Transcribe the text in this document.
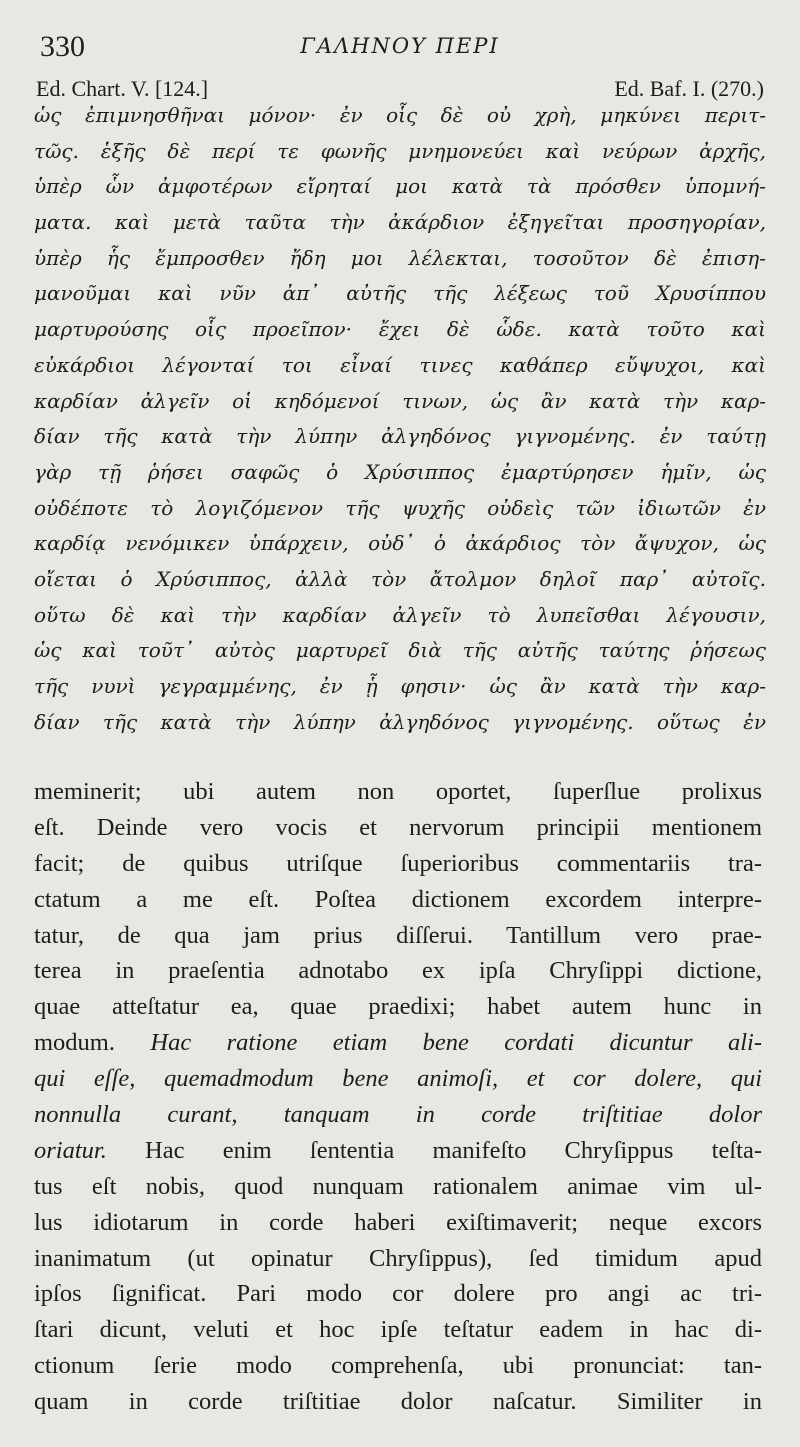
330	ΓΑΛΗΝΟΥ ΠΕΡΙ
Ed. Chart. V. [124.]	Ed. Baf. I. (270.)
ὡς ἐπιμνησθῆναι μόνον· ἐν οἷς δὲ οὐ χρὴ, μηκύνει περιτ-
τῶς. ἑξῆς δὲ περί τε φωνῆς μνημονεύει καὶ νεύρων ἀρχῆς,
ὑπὲρ ὧν ἀμφοτέρων εἴρηταί μοι κατὰ τὰ πρόσθεν ὑπομνή-
ματα. καὶ μετὰ ταῦτα τὴν ἀκάρδιον ἐξηγεῖται προσηγορίαν,
ὑπὲρ ἧς ἔμπροσθεν ἤδη μοι λέλεκται, τοσοῦτον δὲ ἐπιση-
μανοῦμαι καὶ νῦν ἀπ᾽ αὐτῆς τῆς λέξεως τοῦ Χρυσίππου
μαρτυρούσης οἷς προεῖπον· ἔχει δὲ ὧδε. κατὰ τοῦτο καὶ
εὐκάρδιοι λέγονταί τοι εἶναί τινες καθάπερ εὔψυχοι, καὶ
καρδίαν ἀλγεῖν οἱ κηδόμενοί τινων, ὡς ἂν κατὰ τὴν καρ-
δίαν τῆς κατὰ τὴν λύπην ἀλγηδόνος γιγνομένης. ἐν ταύτῃ
γὰρ τῇ ῥήσει σαφῶς ὁ Χρύσιππος ἐμαρτύρησεν ἡμῖν, ὡς
οὐδέποτε τὸ λογιζόμενον τῆς ψυχῆς οὐδεὶς τῶν ἰδιωτῶν ἐν
καρδίᾳ νενόμικεν ὑπάρχειν, οὐδ᾽ ὁ ἀκάρδιος τὸν ἄψυχον, ὡς
οἴεται ὁ Χρύσιππος, ἀλλὰ τὸν ἄτολμον δηλοῖ παρ᾽ αὐτοῖς.
οὕτω δὲ καὶ τὴν καρδίαν ἀλγεῖν τὸ λυπεῖσθαι λέγουσιν,
ὡς καὶ τοῦτ᾽ αὐτὸς μαρτυρεῖ διὰ τῆς αὐτῆς ταύτης ῥήσεως
τῆς νυνὶ γεγραμμένης, ἐν ᾗ φησιν· ὡς ἂν κατὰ τὴν καρ-
δίαν τῆς κατὰ τὴν λύπην ἀλγηδόνος γιγνομένης. οὕτως ἐν
meminerit; ubi autem non oportet, ſuperſlue prolixus
eſt. Deinde vero vocis et nervorum principii mentionem
facit; de quibus utriſque ſuperioribus commentariis tra-
ctatum a me eſt. Poſtea dictionem excordem interpre-
tatur, de qua jam prius diſſerui. Tantillum vero prae-
terea in praeſentia adnotabo ex ipſa Chryſippi dictione,
quae atteſtatur ea, quae praedixi; habet autem hunc in
modum. Hac ratione etiam bene cordati dicuntur ali-
qui eſſe, quemadmodum bene animoſi, et cor dolere, qui
nonnulla curant, tanquam in corde triſtitiae dolor
oriatur. Hac enim ſententia manifeſto Chryſippus teſta-
tus eſt nobis, quod nunquam rationalem animae vim ul-
lus idiotarum in corde haberi exiſtimaverit; neque excors
inanimatum (ut opinatur Chryſippus), ſed timidum apud
ipſos ſignificat. Pari modo cor dolere pro angi ac tri-
ſtari dicunt, veluti et hoc ipſe teſtatur eadem in hac di-
ctionum ſerie modo comprehenſa, ubi pronunciat: tan-
quam in corde triſtitiae dolor naſcatur. Similiter in
